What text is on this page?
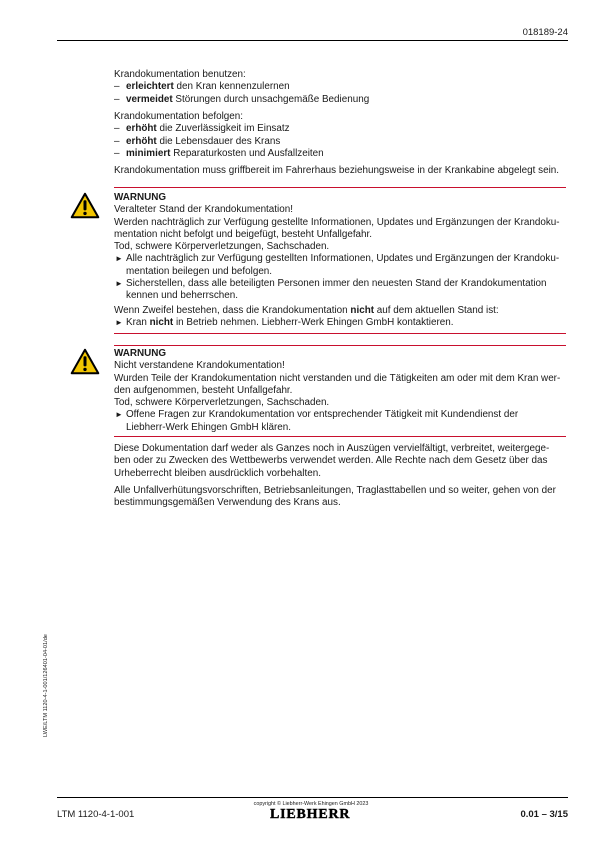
018189-24
Krandokumentation benutzen:
– erleichtert den Kran kennenzulernen
– vermeidet Störungen durch unsachgemäße Bedienung
Krandokumentation befolgen:
– erhöht die Zuverlässigkeit im Einsatz
– erhöht die Lebensdauer des Krans
– minimiert Reparaturkosten und Ausfallzeiten
Krandokumentation muss griffbereit im Fahrerhaus beziehungsweise in der Krankabine abgelegt sein.
WARNUNG
Veralteter Stand der Krandokumentation!
Werden nachträglich zur Verfügung gestellte Informationen, Updates und Ergänzungen der Krandoku-
mentation nicht befolgt und beigefügt, besteht Unfallgefahr.
Tod, schwere Körperverletzungen, Sachschaden.
► Alle nachträglich zur Verfügung gestellten Informationen, Updates und Ergänzungen der Krandoku-
mentation beilegen und befolgen.
► Sicherstellen, dass alle beteiligten Personen immer den neuesten Stand der Krandokumentation
kennen und beherrschen.
Wenn Zweifel bestehen, dass die Krandokumentation nicht auf dem aktuellen Stand ist:
► Kran nicht in Betrieb nehmen. Liebherr-Werk Ehingen GmbH kontaktieren.
WARNUNG
Nicht verstandene Krandokumentation!
Wurden Teile der Krandokumentation nicht verstanden und die Tätigkeiten am oder mit dem Kran wer-
den aufgenommen, besteht Unfallgefahr.
Tod, schwere Körperverletzungen, Sachschaden.
► Offene Fragen zur Krandokumentation vor entsprechender Tätigkeit mit Kundendienst der
Liebherr-Werk Ehingen GmbH klären.
Diese Dokumentation darf weder als Ganzes noch in Auszügen vervielfältigt, verbreitet, weitergege-
ben oder zu Zwecken des Wettbewerbs verwendet werden. Alle Rechte nach dem Gesetz über das
Urheberrecht bleiben ausdrücklich vorbehalten.
Alle Unfallverhütungsvorschriften, Betriebsanleitungen, Traglasttabellen und so weiter, gehen von der
bestimmungsgemäßen Verwendung des Krans aus.
LWE/LTM 1120-4-1-001/126401-04-01/de
copyright © Liebherr-Werk Ehingen GmbH 2023
LIEBHERR
LTM 1120-4-1-001	0.01 – 3/15
